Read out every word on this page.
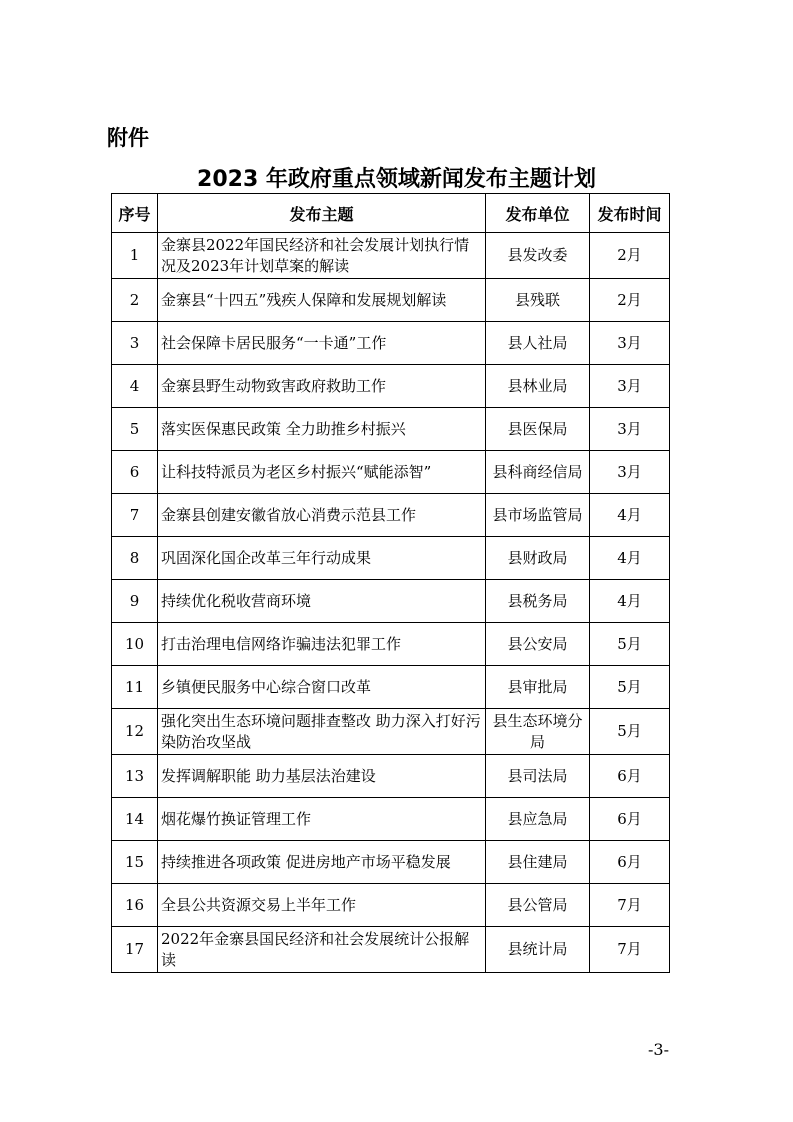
附件
2023 年政府重点领域新闻发布主题计划
序号	发布主题	发布单位	发布时间
1	金寨县2022年国民经济和社会发展计划执行情况及2023年计划草案的解读	县发改委	2月
2	金寨县“十四五”残疾人保障和发展规划解读	县残联	2月
3	社会保障卡居民服务“一卡通”工作	县人社局	3月
4	金寨县野生动物致害政府救助工作	县林业局	3月
5	落实医保惠民政策 全力助推乡村振兴	县医保局	3月
6	让科技特派员为老区乡村振兴“赋能添智”	县科商经信局	3月
7	金寨县创建安徽省放心消费示范县工作	县市场监管局	4月
8	巩固深化国企改革三年行动成果	县财政局	4月
9	持续优化税收营商环境	县税务局	4月
10	打击治理电信网络诈骗违法犯罪工作	县公安局	5月
11	乡镇便民服务中心综合窗口改革	县审批局	5月
12	强化突出生态环境问题排查整改 助力深入打好污染防治攻坚战	县生态环境分局	5月
13	发挥调解职能 助力基层法治建设	县司法局	6月
14	烟花爆竹换证管理工作	县应急局	6月
15	持续推进各项政策 促进房地产市场平稳发展	县住建局	6月
16	全县公共资源交易上半年工作	县公管局	7月
17	2022年金寨县国民经济和社会发展统计公报解读	县统计局	7月
-3-
